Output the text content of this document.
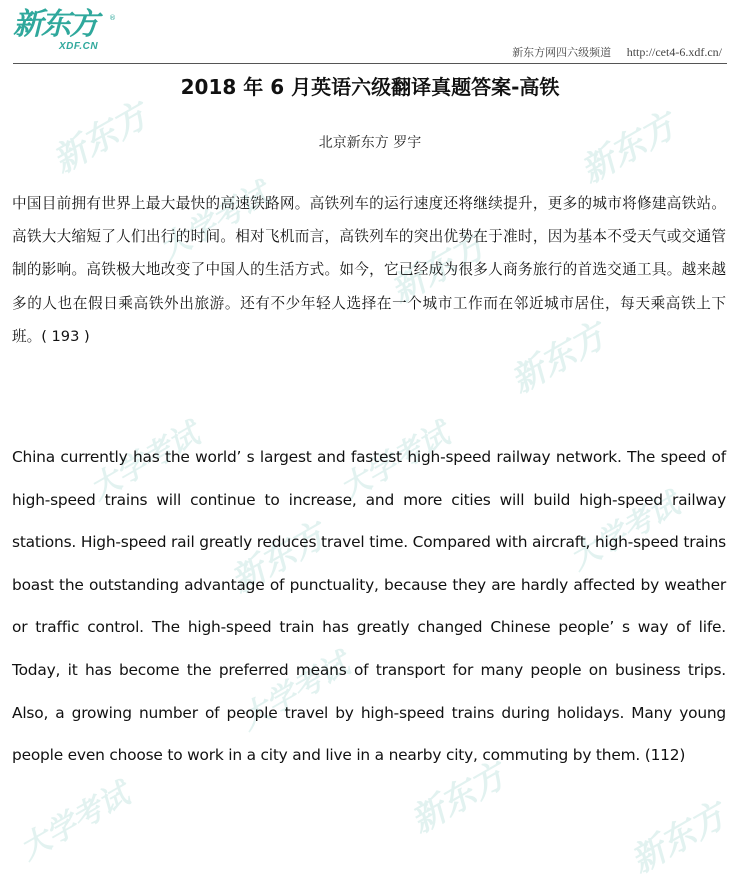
新东方
大学考试
新东方
新东方
新东方
大学考试	大学考试
新东方	大学考试
大学考试
新东方	新东方
大学考试
新东方 ®
XDF.CN	新东方网四六级频道 http://cet4-6.xdf.cn/
2018 年 6 月英语六级翻译真题答案-高铁
北京新东方 罗宇
中国目前拥有世界上最大最快的高速铁路网。高铁列车的运行速度还将继续提升，更多的城市将修建高铁站。高铁大大缩短了人们出行的时间。相对飞机而言，高铁列车的突出优势在于准时，因为基本不受天气或交通管制的影响。高铁极大地改变了中国人的生活方式。如今，它已经成为很多人商务旅行的首选交通工具。越来越多的人也在假日乘高铁外出旅游。还有不少年轻人选择在一个城市工作而在邻近城市居住，每天乘高铁上下班。( 193 )
China currently has the world’ s largest and fastest high-speed railway network. The speed of high-speed trains will continue to increase, and more cities will build high-speed railway stations. High-speed rail greatly reduces travel time. Compared with aircraft, high-speed trains boast the outstanding advantage of punctuality, because they are hardly affected by weather or traffic control. The high-speed train has greatly changed Chinese people’ s way of life. Today, it has become the preferred means of transport for many people on business trips. Also, a growing number of people travel by high-speed trains during holidays. Many young people even choose to work in a city and live in a nearby city, commuting by them. (112)
